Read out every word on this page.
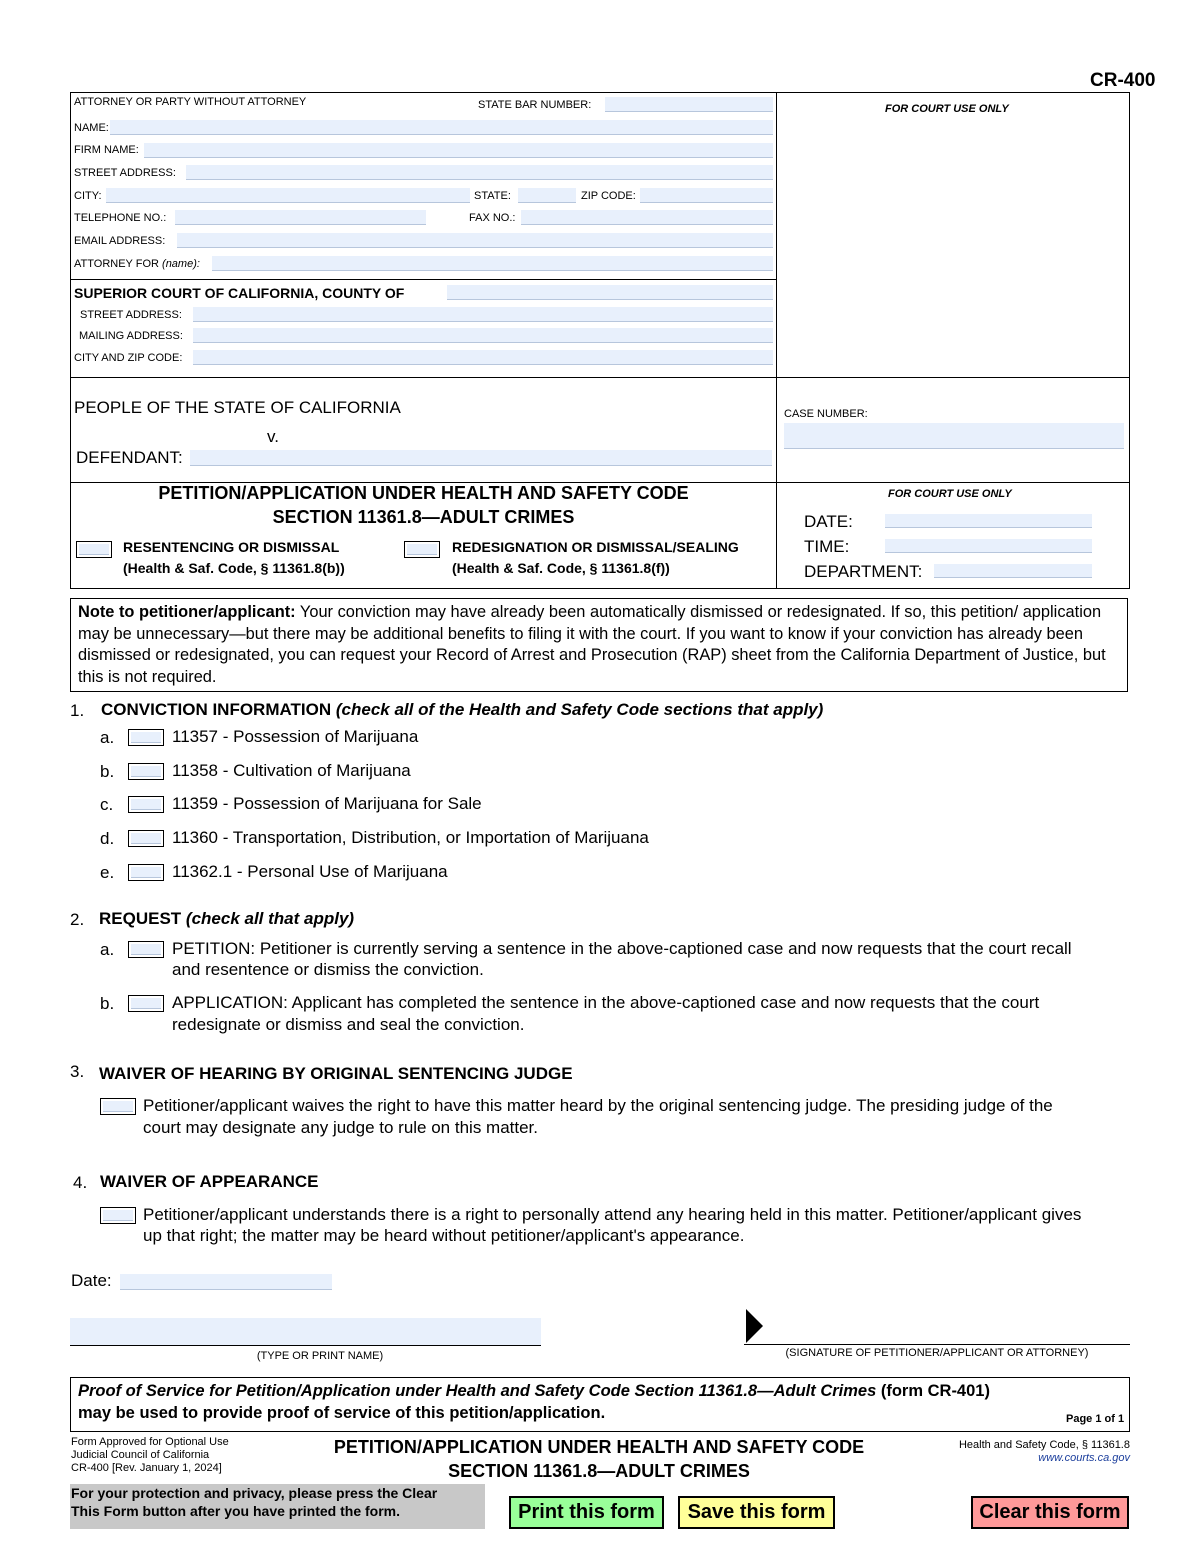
CR-400
ATTORNEY OR PARTY WITHOUT ATTORNEY	STATE BAR NUMBER:
NAME:
FIRM NAME:
STREET ADDRESS:
CITY:	STATE:	ZIP CODE:
TELEPHONE NO.:	FAX NO.:
EMAIL ADDRESS:
ATTORNEY FOR (name):
FOR COURT USE ONLY
SUPERIOR COURT OF CALIFORNIA, COUNTY OF
STREET ADDRESS:
MAILING ADDRESS:
CITY AND ZIP CODE:
PEOPLE OF THE STATE OF CALIFORNIA
v.
DEFENDANT:
CASE NUMBER:
PETITION/APPLICATION UNDER HEALTH AND SAFETY CODE
SECTION 11361.8—ADULT CRIMES
RESENTENCING OR DISMISSAL
(Health & Saf. Code, § 11361.8(b))
REDESIGNATION OR DISMISSAL/SEALING
(Health & Saf. Code, § 11361.8(f))
FOR COURT USE ONLY
DATE:
TIME:
DEPARTMENT:
Note to petitioner/applicant: Your conviction may have already been automatically dismissed or redesignated. If so, this petition/ application may be unnecessary—but there may be additional benefits to filing it with the court. If you want to know if your conviction has already been dismissed or redesignated, you can request your Record of Arrest and Prosecution (RAP) sheet from the California Department of Justice, but this is not required.
1. CONVICTION INFORMATION (check all of the Health and Safety Code sections that apply)
a.	11357 - Possession of Marijuana
b.	11358 - Cultivation of Marijuana
c.	11359 - Possession of Marijuana for Sale
d.	11360 - Transportation, Distribution, or Importation of Marijuana
e.	11362.1 - Personal Use of Marijuana
2. REQUEST (check all that apply)
a.	PETITION: Petitioner is currently serving a sentence in the above-captioned case and now requests that the court recall
and resentence or dismiss the conviction.
b.	APPLICATION: Applicant has completed the sentence in the above-captioned case and now requests that the court
redesignate or dismiss and seal the conviction.
3. WAIVER OF HEARING BY ORIGINAL SENTENCING JUDGE
Petitioner/applicant waives the right to have this matter heard by the original sentencing judge. The presiding judge of the
court may designate any judge to rule on this matter.
4. WAIVER OF APPEARANCE
Petitioner/applicant understands there is a right to personally attend any hearing held in this matter. Petitioner/applicant gives
up that right; the matter may be heard without petitioner/applicant's appearance.
Date:
(TYPE OR PRINT NAME)	(SIGNATURE OF PETITIONER/APPLICANT OR ATTORNEY)
Proof of Service for Petition/Application under Health and Safety Code Section 11361.8—Adult Crimes (form CR-401)
may be used to provide proof of service of this petition/application.	Page 1 of 1
Form Approved for Optional Use
Judicial Council of California
CR-400 [Rev. January 1, 2024]
PETITION/APPLICATION UNDER HEALTH AND SAFETY CODE
SECTION 11361.8—ADULT CRIMES
Health and Safety Code, § 11361.8
www.courts.ca.gov
For your protection and privacy, please press the Clear
This Form button after you have printed the form.	Print this form	Save this form	Clear this form
